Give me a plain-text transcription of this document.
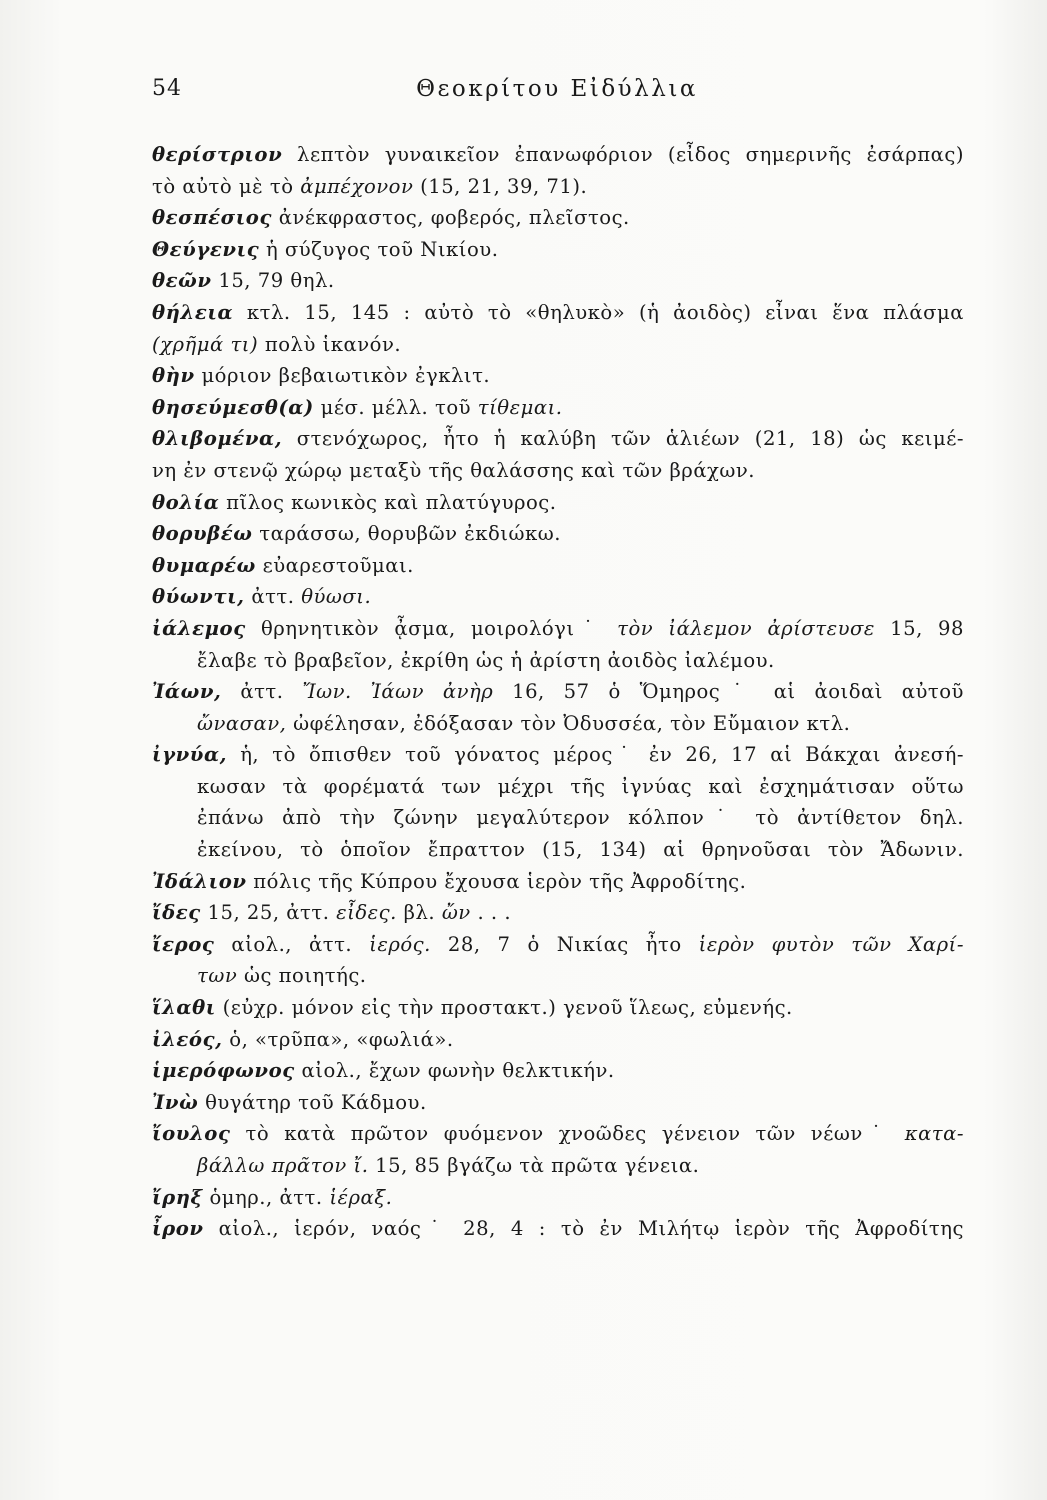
54	Θεοκρίτου Εἰδύλλια

θερίστριον λεπτὸν γυναικεῖον ἐπανωφόριον (εἶδος σημερινῆς ἐσάρπας)
τὸ αὐτὸ μὲ τὸ ἀμπέχονον (15, 21, 39, 71).

θεσπέσιος ἀνέκφραστος, φοβερός, πλεῖστος.

Θεύγενις ἡ σύζυγος τοῦ Νικίου.

θεῶν 15, 79 θηλ.

θήλεια κτλ. 15, 145 : αὐτὸ τὸ «θηλυκὸ» (ἡ ἀοιδὸς) εἶναι ἕνα πλάσμα
(χρῆμά τι) πολὺ ἱκανόν.

θὴν μόριον βεβαιωτικὸν ἐγκλιτ.

θησεύμεσθ(α) μέσ. μέλλ. τοῦ τίθεμαι.

θλιβομένα, στενόχωρος, ἦτο ἡ καλύβη τῶν ἁλιέων (21, 18) ὡς κειμέ-
νη ἐν στενῷ χώρῳ μεταξὺ τῆς θαλάσσης καὶ τῶν βράχων.

θολία πῖλος κωνικὸς καὶ πλατύγυρος.

θορυβέω ταράσσω, θορυβῶν ἐκδιώκω.

θυμαρέω εὐαρεστοῦμαι.

θύωντι, ἀττ. θύωσι.

ἰάλεμος θρηνητικὸν ᾆσμα, μοιρολόγι˙ τὸν ἰάλεμον ἀρίστευσε 15, 98
ἔλαβε τὸ βραβεῖον, ἐκρίθη ὡς ἡ ἀρίστη ἀοιδὸς ἰαλέμου.

Ἰάων, ἀττ. Ἴων. Ἰάων ἀνὴρ 16, 57 ὁ Ὅμηρος˙ αἱ ἀοιδαὶ αὐτοῦ
ὤνασαν, ὠφέλησαν, ἐδόξασαν τὸν Ὀδυσσέα, τὸν Εὔμαιον κτλ.

ἰγνύα, ἡ, τὸ ὄπισθεν τοῦ γόνατος μέρος˙ ἐν 26, 17 αἱ Βάκχαι ἀνεσή-
κωσαν τὰ φορέματά των μέχρι τῆς ἰγνύας καὶ ἐσχημάτισαν οὕτω
ἐπάνω ἀπὸ τὴν ζώνην μεγαλύτερον κόλπον˙ τὸ ἀντίθετον δηλ.
ἐκείνου, τὸ ὁποῖον ἔπραττον (15, 134) αἱ θρηνοῦσαι τὸν Ἄδωνιν.

Ἰδάλιον πόλις τῆς Κύπρου ἔχουσα ἱερὸν τῆς Ἀφροδίτης.

ἴδες 15, 25, ἀττ. εἶδες. βλ. ὤν . . .

ἴερος αἰολ., ἀττ. ἱερός. 28, 7 ὁ Νικίας ἦτο ἱερὸν φυτὸν τῶν Χαρί-
των ὡς ποιητής.

ἵλαθι (εὐχρ. μόνον εἰς τὴν προστακτ.) γενοῦ ἵλεως, εὐμενής.

ἰλεός, ὁ, «τρῦπα», «φωλιά».

ἱμερόφωνος αἰολ., ἔχων φωνὴν θελκτικήν.

Ἰνὼ θυγάτηρ τοῦ Κάδμου.

ἴουλος τὸ κατὰ πρῶτον φυόμενον χνοῶδες γένειον τῶν νέων˙ κατα-
βάλλω πρᾶτον ἴ. 15, 85 βγάζω τὰ πρῶτα γένεια.

ἴρηξ ὁμηρ., ἀττ. ἱέραξ.

ἶρον αἰολ., ἱερόν, ναός˙ 28, 4 : τὸ ἐν Μιλήτῳ ἱερὸν τῆς Ἀφροδίτης
